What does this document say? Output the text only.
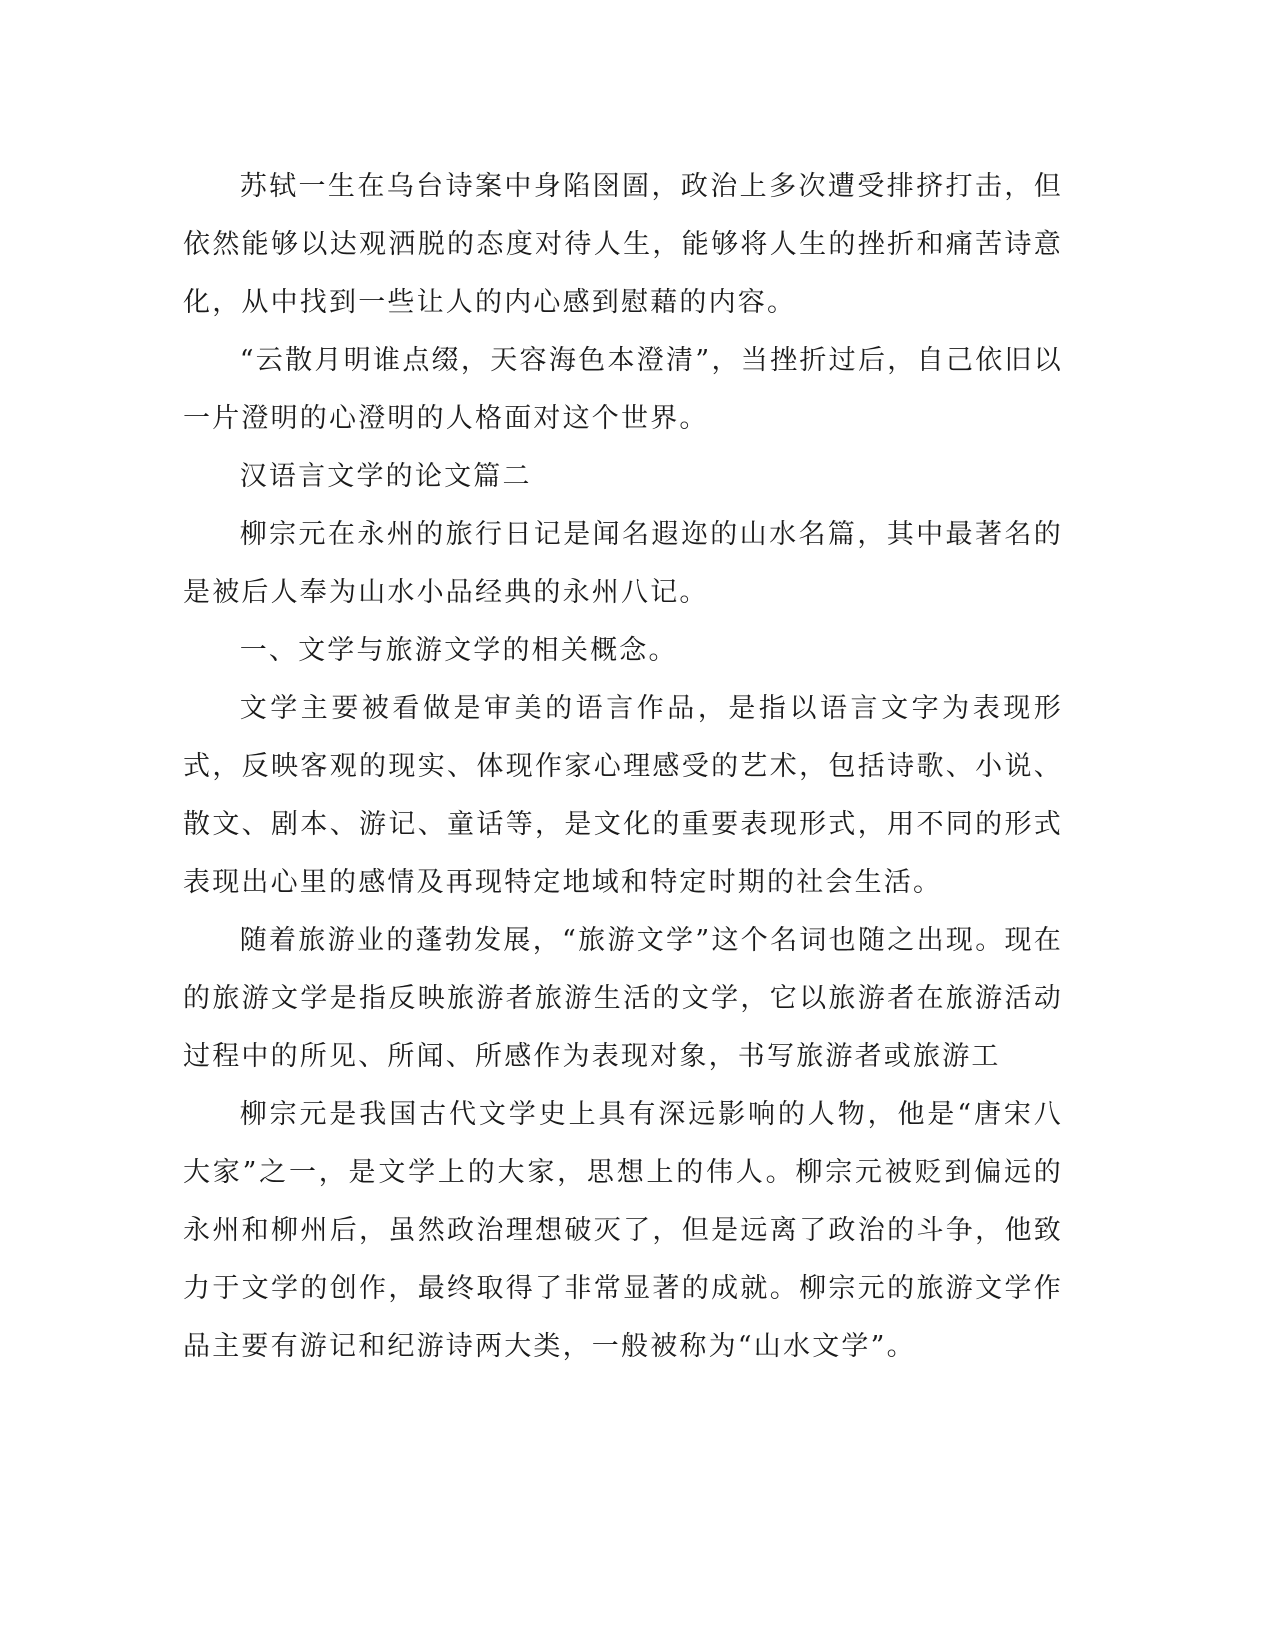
苏轼一生在乌台诗案中身陷囹圄，政治上多次遭受排挤打击，但依然能够以达观洒脱的态度对待人生，能够将人生的挫折和痛苦诗意化，从中找到一些让人的内心感到慰藉的内容。

“云散月明谁点缀，天容海色本澄清”，当挫折过后，自己依旧以一片澄明的心澄明的人格面对这个世界。

汉语言文学的论文篇二

柳宗元在永州的旅行日记是闻名遐迩的山水名篇，其中最著名的是被后人奉为山水小品经典的永州八记。

一、文学与旅游文学的相关概念。

文学主要被看做是审美的语言作品，是指以语言文字为表现形式，反映客观的现实、体现作家心理感受的艺术，包括诗歌、小说、散文、剧本、游记、童话等，是文化的重要表现形式，用不同的形式表现出心里的感情及再现特定地域和特定时期的社会生活。

随着旅游业的蓬勃发展，“旅游文学”这个名词也随之出现。现在的旅游文学是指反映旅游者旅游生活的文学，它以旅游者在旅游活动过程中的所见、所闻、所感作为表现对象，书写旅游者或旅游工

柳宗元是我国古代文学史上具有深远影响的人物，他是“唐宋八大家”之一，是文学上的大家，思想上的伟人。柳宗元被贬到偏远的永州和柳州后，虽然政治理想破灭了，但是远离了政治的斗争，他致力于文学的创作，最终取得了非常显著的成就。柳宗元的旅游文学作品主要有游记和纪游诗两大类，一般被称为“山水文学”。
